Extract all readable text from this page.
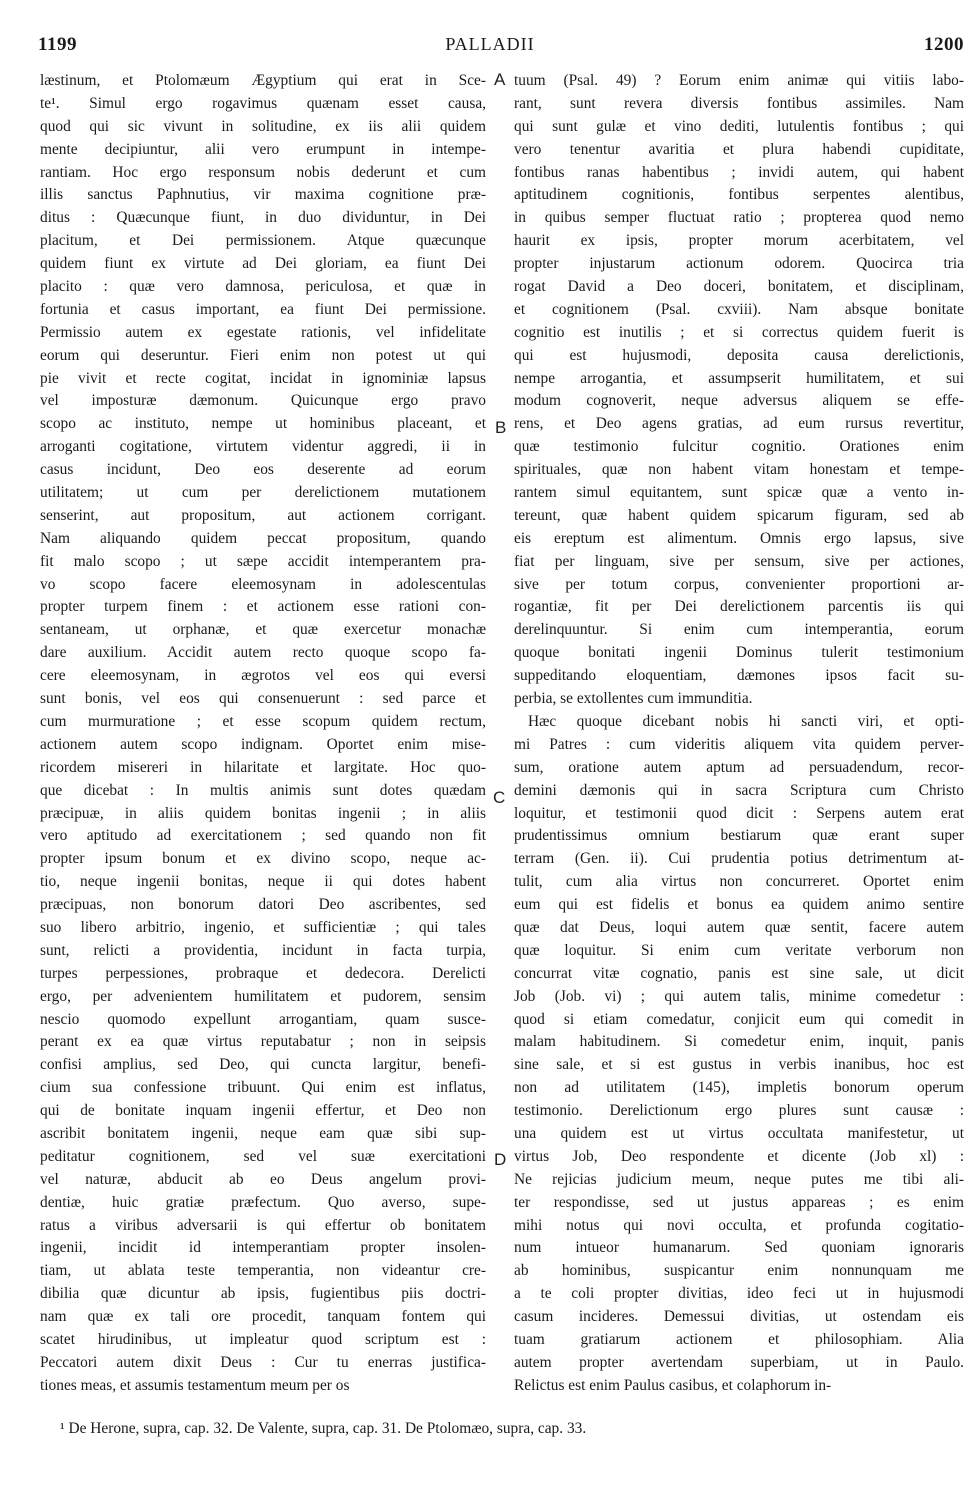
1199	PALLADII	1200
læstinum, et Ptolomæum Ægyptium qui erat in Sce-
te¹. Simul ergo rogavimus quænam esset causa,
quod qui sic vivunt in solitudine, ex iis alii quidem
mente decipiuntur, alii vero erumpunt in intempe-
rantiam. Hoc ergo responsum nobis dederunt et cum
illis sanctus Paphnutius, vir maxima cognitione præ-
ditus : Quæcunque fiunt, in duo dividuntur, in Dei
placitum, et Dei permissionem. Atque quæcunque
quidem fiunt ex virtute ad Dei gloriam, ea fiunt Dei
placito : quæ vero damnosa, periculosa, et quæ in
fortunia et casus important, ea fiunt Dei permissione.
Permissio autem ex egestate rationis, vel infidelitate
eorum qui deseruntur. Fieri enim non potest ut qui
pie vivit et recte cogitat, incidat in ignominiæ lapsus
vel imposturæ dæmonum. Quicunque ergo pravo
scopo ac instituto, nempe ut hominibus placeant, et
arroganti cogitatione, virtutem videntur aggredi, ii in
casus incidunt, Deo eos deserente ad eorum
utilitatem; ut cum per derelictionem mutationem
senserint, aut propositum, aut actionem corrigant.
Nam aliquando quidem peccat propositum, quando
fit malo scopo ; ut sæpe accidit intemperantem pra-
vo scopo facere eleemosynam in adolescentulas
propter turpem finem : et actionem esse rationi con-
sentaneam, ut orphanæ, et quæ exercetur monachæ
dare auxilium. Accidit autem recto quoque scopo fa-
cere eleemosynam, in ægrotos vel eos qui eversi
sunt bonis, vel eos qui consenuerunt : sed parce et
cum murmuratione ; et esse scopum quidem rectum,
actionem autem scopo indignam. Oportet enim mise-
ricordem misereri in hilaritate et largitate. Hoc quo-
que dicebat : In multis animis sunt dotes quædam
præcipuæ, in aliis quidem bonitas ingenii ; in aliis
vero aptitudo ad exercitationem ; sed quando non fit
propter ipsum bonum et ex divino scopo, neque ac-
tio, neque ingenii bonitas, neque ii qui dotes habent
præcipuas, non bonorum datori Deo ascribentes, sed
suo libero arbitrio, ingenio, et sufficientiæ ; qui tales
sunt, relicti a providentia, incidunt in facta turpia,
turpes perpessiones, probraque et dedecora. Derelicti
ergo, per advenientem humilitatem et pudorem, sensim
nescio quomodo expellunt arrogantiam, quam susce-
perant ex ea quæ virtus reputabatur ; non in seipsis
confisi amplius, sed Deo, qui cuncta largitur, benefi-
cium sua confessione tribuunt. Qui enim est inflatus,
qui de bonitate inquam ingenii effertur, et Deo non
ascribit bonitatem ingenii, neque eam quæ sibi sup-
peditatur cognitionem, sed vel suæ exercitationi
vel naturæ, abducit ab eo Deus angelum provi-
dentiæ, huic gratiæ præfectum. Quo averso, supe-
ratus a viribus adversarii is qui effertur ob bonitatem
ingenii, incidit id intemperantiam propter insolen-
tiam, ut ablata teste temperantia, non videantur cre-
dibilia quæ dicuntur ab ipsis, fugientibus piis doctri-
nam quæ ex tali ore procedit, tanquam fontem qui
scatet hirudinibus, ut impleatur quod scriptum est :
Peccatori autem dixit Deus : Cur tu enerras justifica-
tiones meas, et assumis testamentum meum per os
A
B
C
D
tuum (Psal. 49) ? Eorum enim animæ qui vitiis labo-
rant, sunt revera diversis fontibus assimiles. Nam
qui sunt gulæ et vino dediti, lutulentis fontibus ; qui
vero tenentur avaritia et plura habendi cupiditate,
fontibus ranas habentibus ; invidi autem, qui habent
aptitudinem cognitionis, fontibus serpentes alentibus,
in quibus semper fluctuat ratio ; propterea quod nemo
haurit ex ipsis, propter morum acerbitatem, vel
propter injustarum actionum odorem. Quocirca tria
rogat David a Deo doceri, bonitatem, et disciplinam,
et cognitionem (Psal. cxviii). Nam absque bonitate
cognitio est inutilis ; et si correctus quidem fuerit is
qui est hujusmodi, deposita causa derelictionis,
nempe arrogantia, et assumpserit humilitatem, et sui
modum cognoverit, neque adversus aliquem se effe-
rens, et Deo agens gratias, ad eum rursus revertitur,
quæ testimonio fulcitur cognitio. Orationes enim
spirituales, quæ non habent vitam honestam et tempe-
rantem simul equitantem, sunt spicæ quæ a vento in-
tereunt, quæ habent quidem spicarum figuram, sed ab
eis ereptum est alimentum. Omnis ergo lapsus, sive
fiat per linguam, sive per sensum, sive per actiones,
sive per totum corpus, convenienter proportioni ar-
rogantiæ, fit per Dei derelictionem parcentis iis qui
derelinquuntur. Si enim cum intemperantia, eorum
quoque bonitati ingenii Dominus tulerit testimonium
suppeditando eloquentiam, dæmones ipsos facit su-
perbia, se extollentes cum immunditia.
Hæc quoque dicebant nobis hi sancti viri, et opti-
mi Patres : cum videritis aliquem vita quidem perver-
sum, oratione autem aptum ad persuadendum, recor-
demini dæmonis qui in sacra Scriptura cum Christo
loquitur, et testimonii quod dicit : Serpens autem erat
prudentissimus omnium bestiarum quæ erant super
terram (Gen. ii). Cui prudentia potius detrimentum at-
tulit, cum alia virtus non concurreret. Oportet enim
eum qui est fidelis et bonus ea quidem animo sentire
quæ dat Deus, loqui autem quæ sentit, facere autem
quæ loquitur. Si enim cum veritate verborum non
concurrat vitæ cognatio, panis est sine sale, ut dicit
Job (Job. vi) ; qui autem talis, minime comedetur :
quod si etiam comedatur, conjicit eum qui comedit in
malam habitudinem. Si comedetur enim, inquit, panis
sine sale, et si est gustus in verbis inanibus, hoc est
non ad utilitatem (145), impletis bonorum operum
testimonio. Derelictionum ergo plures sunt causæ :
una quidem est ut virtus occultata manifestetur, ut
virtus Job, Deo respondente et dicente (Job xl) :
Ne rejicias judicium meum, neque putes me tibi ali-
ter respondisse, sed ut justus appareas ; es enim
mihi notus qui novi occulta, et profunda cogitatio-
num intueor humanarum. Sed quoniam ignoraris
ab hominibus, suspicantur enim nonnunquam me
a te coli propter divitias, ideo feci ut in hujusmodi
casum incideres. Demessui divitias, ut ostendam eis
tuam gratiarum actionem et philosophiam. Alia
autem propter avertendam superbiam, ut in Paulo.
Relictus est enim Paulus casibus, et colaphorum in-
¹ De Herone, supra, cap. 32. De Valente, supra, cap. 31. De Ptolomæo, supra, cap. 33.
